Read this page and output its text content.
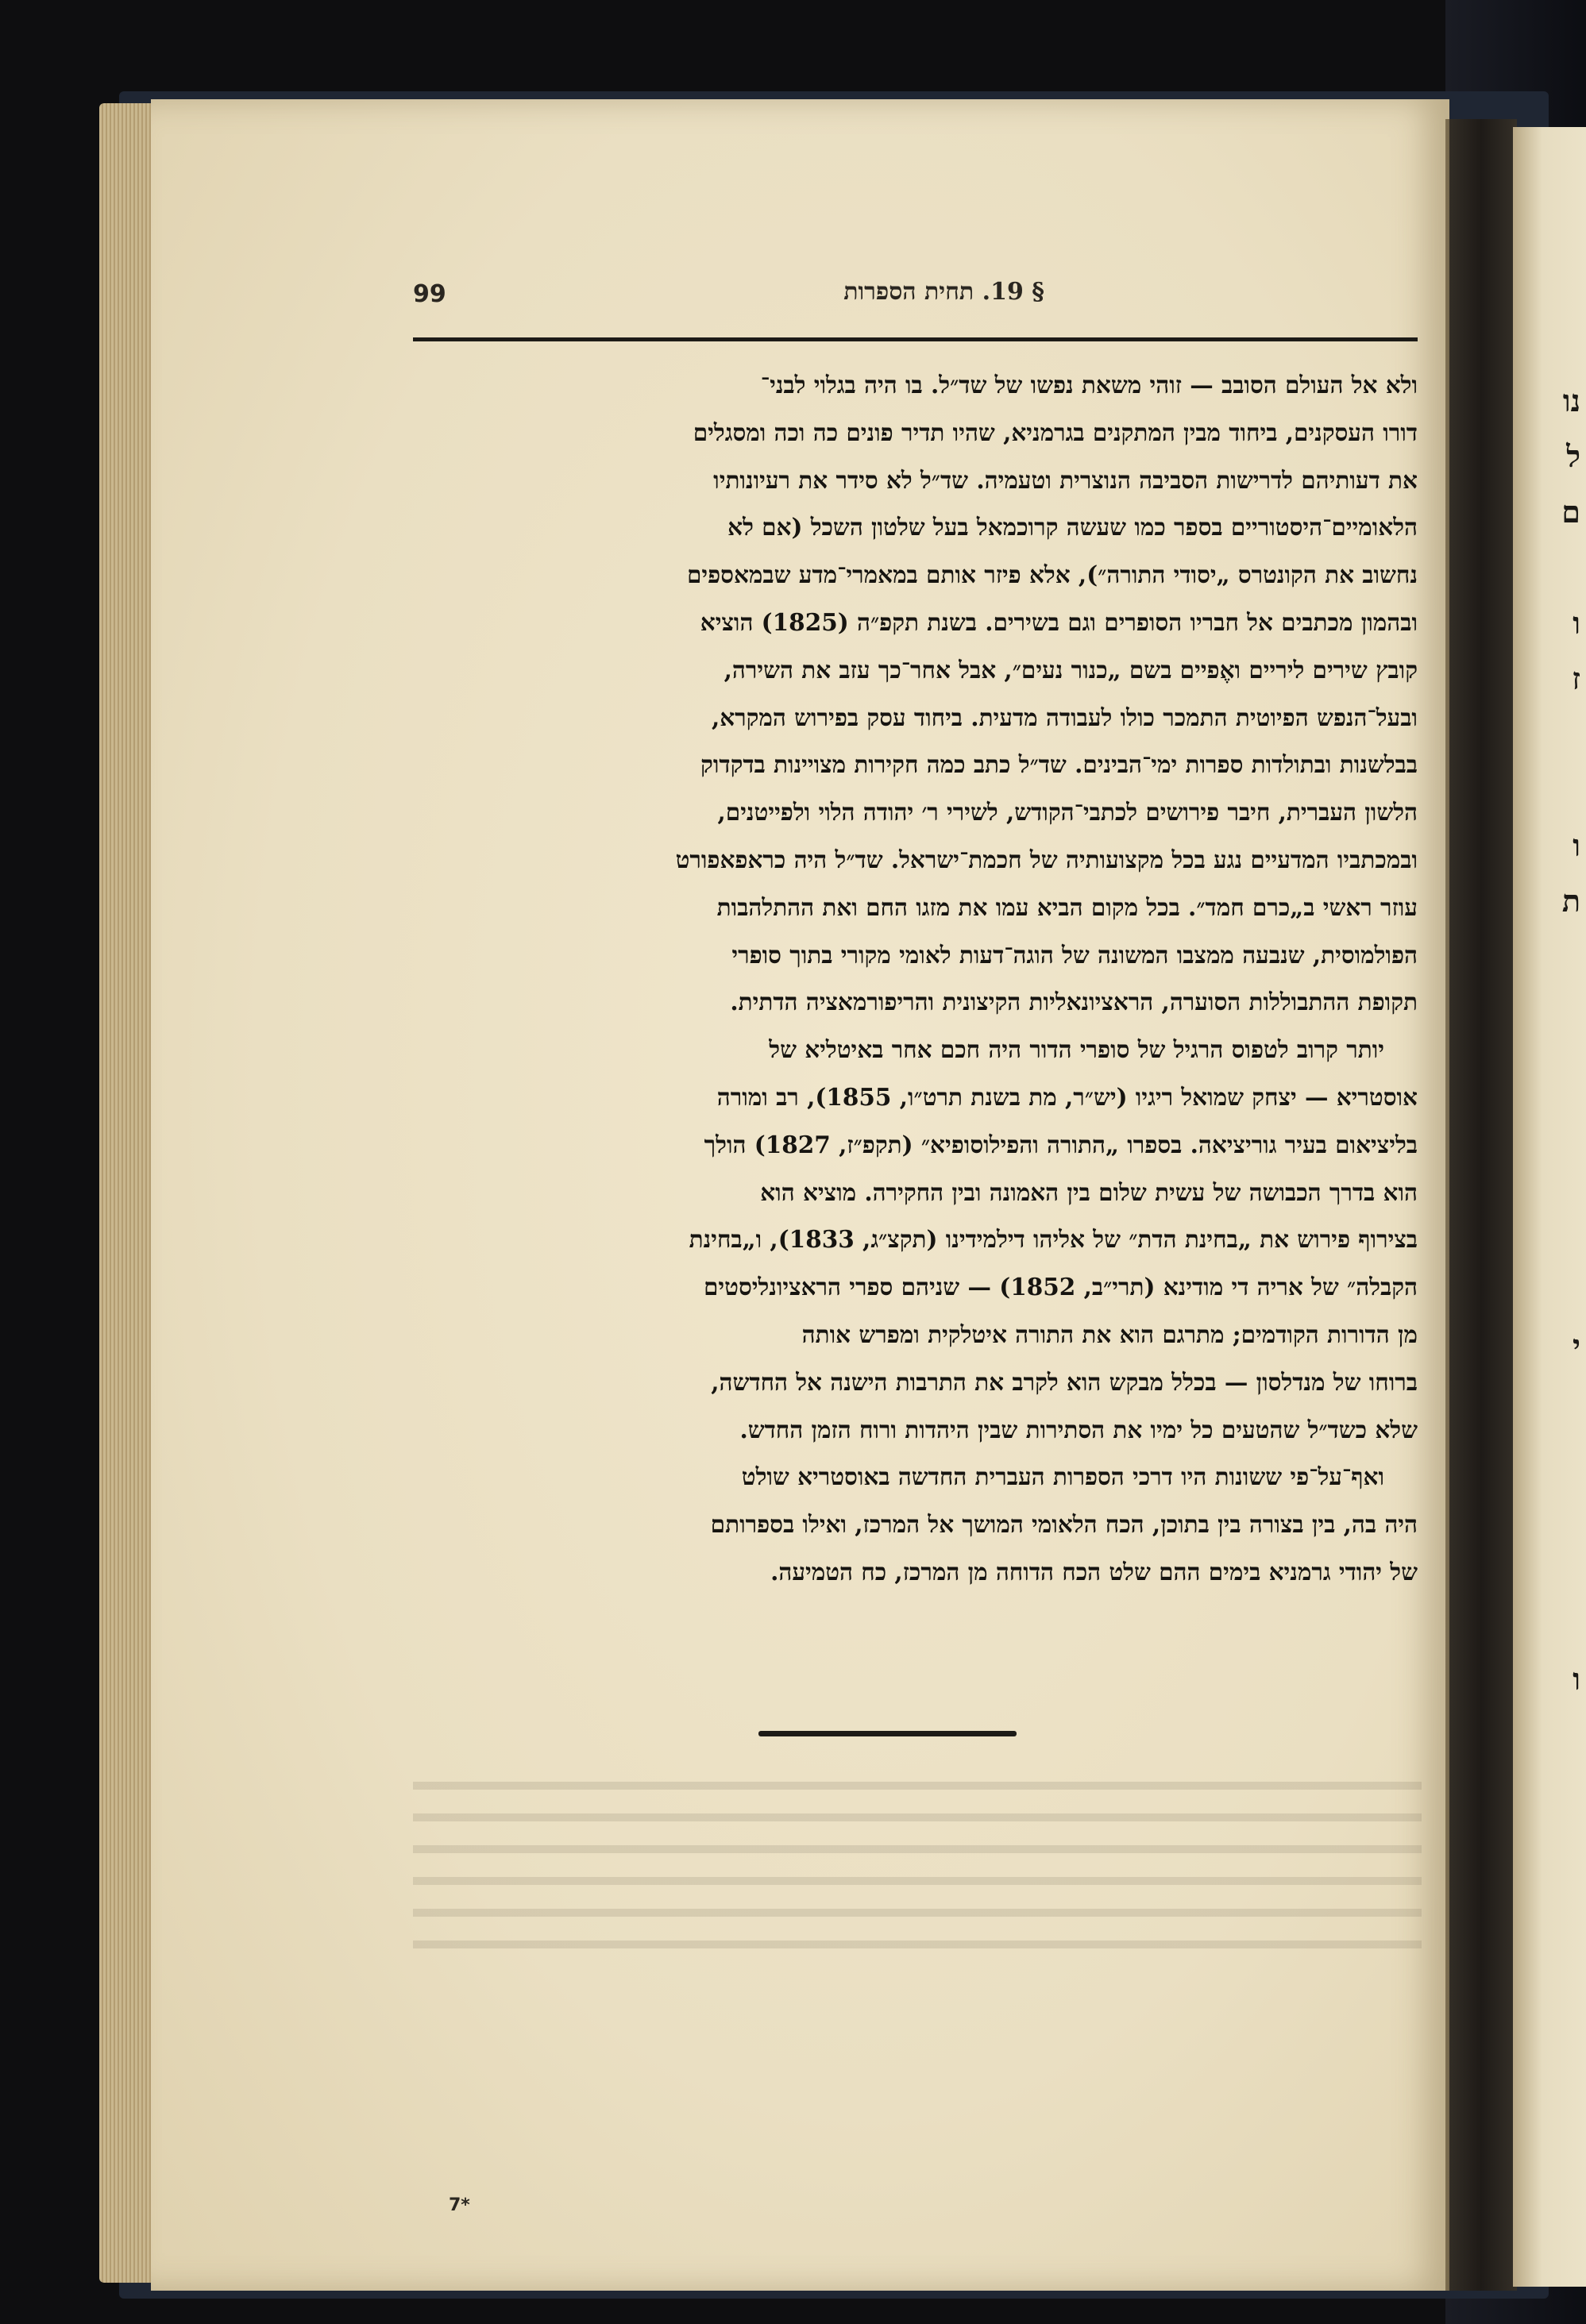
נו
ל
ם

ו
ז

ו
ת

י

ו
99	§ 19. תחית הספרות
ולא אל העולם הסובב — זוהי משאת נפשו של שד״ל. בו היה בגלוי לבני־
דורו העסקנים, ביחוד מבין המתקנים בגרמניא, שהיו תדיר פונים כה וכה ומסגלים
את דעותיהם לדרישות הסביבה הנוצרית וטעמיה. שד״ל לא סידר את רעיונותיו
הלאומיים־היסטוריים בספר כמו שעשה קרוכמאל בעל שלטון השכל (אם לא
נחשוב את הקונטרס „יסודי התורה״), אלא פיזר אותם במאמרי־מדע שבמאספים
ובהמון מכתבים אל חבריו הסופרים וגם בשירים. בשנת תקפ״ה (1825) הוציא
קובץ שירים ליריים ואֶפיים בשם „כנור נעים״, אבל אחר־כך עזב את השירה,
ובעל־הנפש הפיוטית התמכר כולו לעבודה מדעית. ביחוד עסק בפירוש המקרא,
בבלשנות ובתולדות ספרות ימי־הבינים. שד״ל כתב כמה חקירות מצויינות בדקדוק
הלשון העברית, חיבר פירושים לכתבי־הקודש, לשירי ר׳ יהודה הלוי ולפייטנים,
ובמכתביו המדעיים נגע בכל מקצועותיה של חכמת־ישראל. שד״ל היה כראפאפורט
עוזר ראשי ב„כרם חמד״. בכל מקום הביא עמו את מזגו החם ואת ההתלהבות
הפולמוסית, שנבעה ממצבו המשונה של הוגה־דעות לאומי מקורי בתוך סופרי
תקופת ההתבוללות הסוערה, הראציונאליות הקיצונית והריפורמאציה הדתית.
יותר קרוב לטפוס הרגיל של סופרי הדור היה חכם אחר באיטליא של
אוסטריא — יצחק שמואל ריגיו (יש״ר, מת בשנת תרט״ו, 1855), רב ומורה
בליציאום בעיר גוריציאה. בספרו „התורה והפילוסופיא״ (תקפ״ז, 1827) הולך
הוא בדרך הכבושה של עשית שלום בין האמונה ובין החקירה. מוציא הוא
בצירוף פירוש את „בחינת הדת״ של אליהו דילמידינו (תקצ״ג, 1833), ו„בחינת
הקבלה״ של אריה די מודינא (תרי״ב, 1852) — שניהם ספרי הראציונליסטים
מן הדורות הקודמים; מתרגם הוא את התורה איטלקית ומפרש אותה
ברוחו של מנדלסון — בכלל מבקש הוא לקרב את התרבות הישנה אל החדשה,
שלא כשד״ל שהטעים כל ימיו את הסתירות שבין היהדות ורוח הזמן החדש.
ואף־על־פי ששונות היו דרכי הספרות העברית החדשה באוסטריא שולט
היה בה, בין בצורה בין בתוכן, הכח הלאומי המושך אל המרכז, ואילו בספרותם
של יהודי גרמניא בימים ההם שלט הכח הדוחה מן המרכז, כח הטמיעה.
7*
